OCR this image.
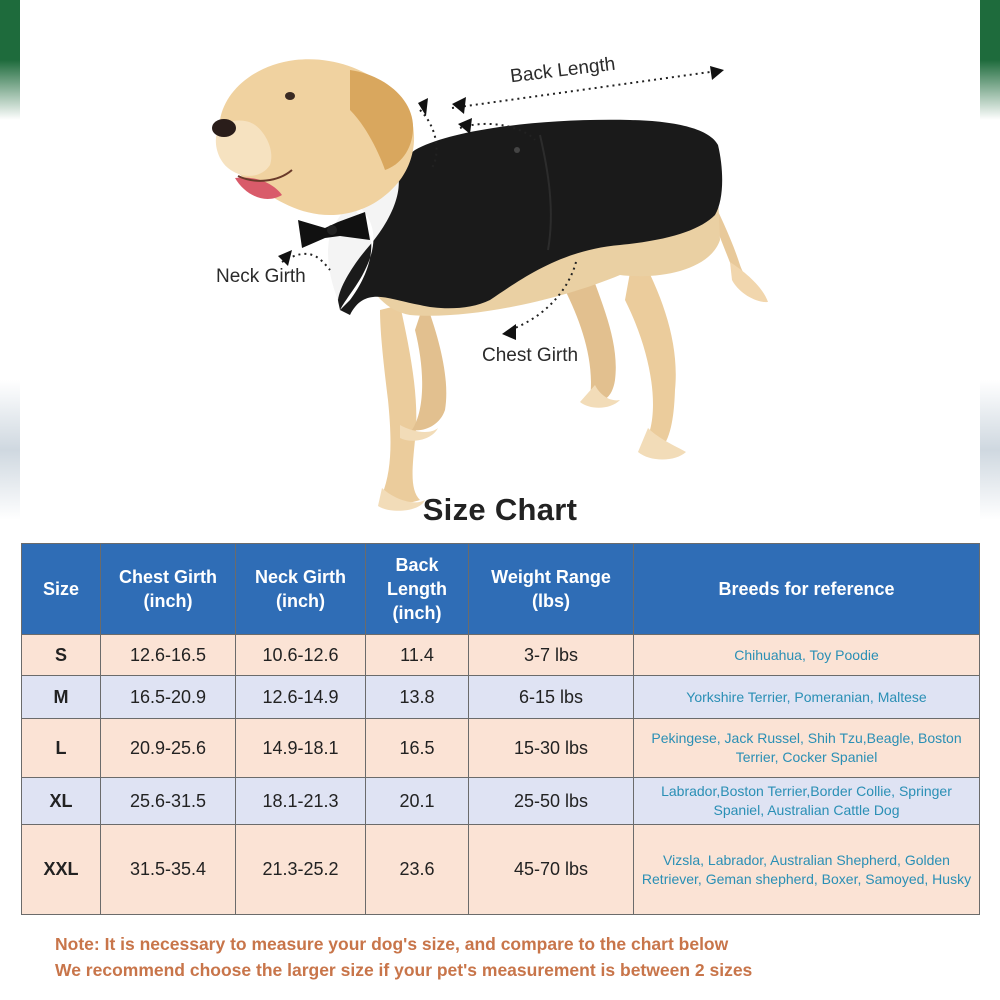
Back Length
Neck Girth
Chest Girth
Size Chart
Size	Chest Girth (inch)	Neck Girth (inch)	Back Length (inch)	Weight Range (lbs)	Breeds for reference
S	12.6-16.5	10.6-12.6	11.4	3-7 lbs	Chihuahua, Toy Poodie
M	16.5-20.9	12.6-14.9	13.8	6-15 lbs	Yorkshire Terrier, Pomeranian, Maltese
L	20.9-25.6	14.9-18.1	16.5	15-30 lbs	Pekingese, Jack Russel, Shih Tzu,Beagle, Boston Terrier, Cocker Spaniel
XL	25.6-31.5	18.1-21.3	20.1	25-50 lbs	Labrador,Boston Terrier,Border Collie, Springer Spaniel, Australian Cattle Dog
XXL	31.5-35.4	21.3-25.2	23.6	45-70 lbs	Vizsla, Labrador, Australian Shepherd, Golden Retriever, Geman shepherd, Boxer, Samoyed, Husky
Note: It is necessary to measure your dog's size, and compare to the chart below
We recommend choose the larger size if your pet's measurement is between 2 sizes
